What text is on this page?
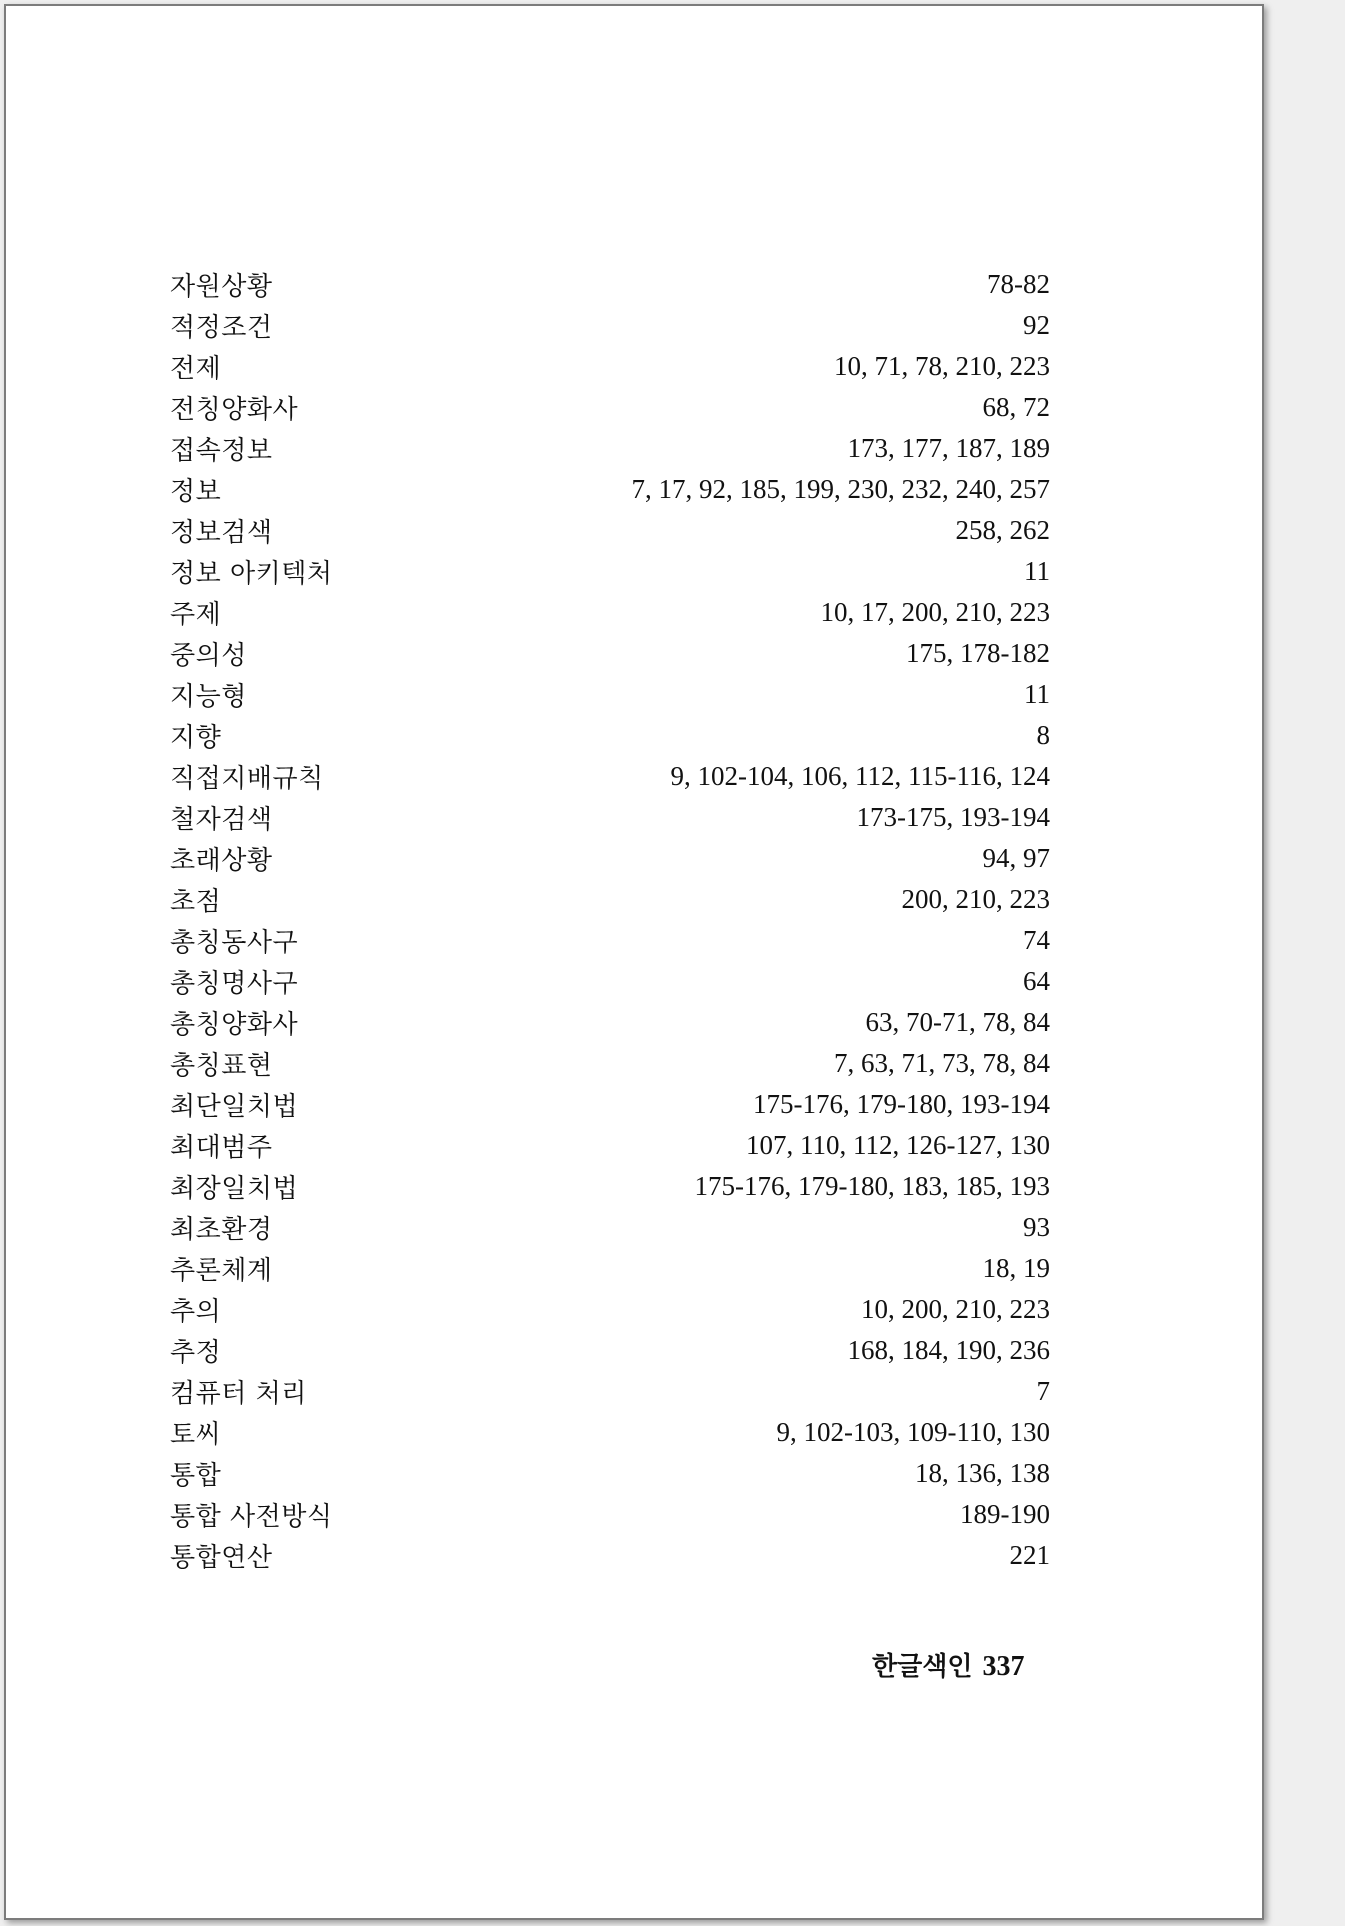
자원상황	78-82
적정조건	92
전제	10, 71, 78, 210, 223
전칭양화사	68, 72
접속정보	173, 177, 187, 189
정보	7, 17, 92, 185, 199, 230, 232, 240, 257
정보검색	258, 262
정보 아키텍처	11
주제	10, 17, 200, 210, 223
중의성	175, 178-182
지능형	11
지향	8
직접지배규칙	9, 102-104, 106, 112, 115-116, 124
철자검색	173-175, 193-194
초래상황	94, 97
초점	200, 210, 223
총칭동사구	74
총칭명사구	64
총칭양화사	63, 70-71, 78, 84
총칭표현	7, 63, 71, 73, 78, 84
최단일치법	175-176, 179-180, 193-194
최대범주	107, 110, 112, 126-127, 130
최장일치법	175-176, 179-180, 183, 185, 193
최초환경	93
추론체계	18, 19
추의	10, 200, 210, 223
추정	168, 184, 190, 236
컴퓨터 처리	7
토씨	9, 102-103, 109-110, 130
통합	18, 136, 138
통합 사전방식	189-190
통합연산	221
한글색인 337
